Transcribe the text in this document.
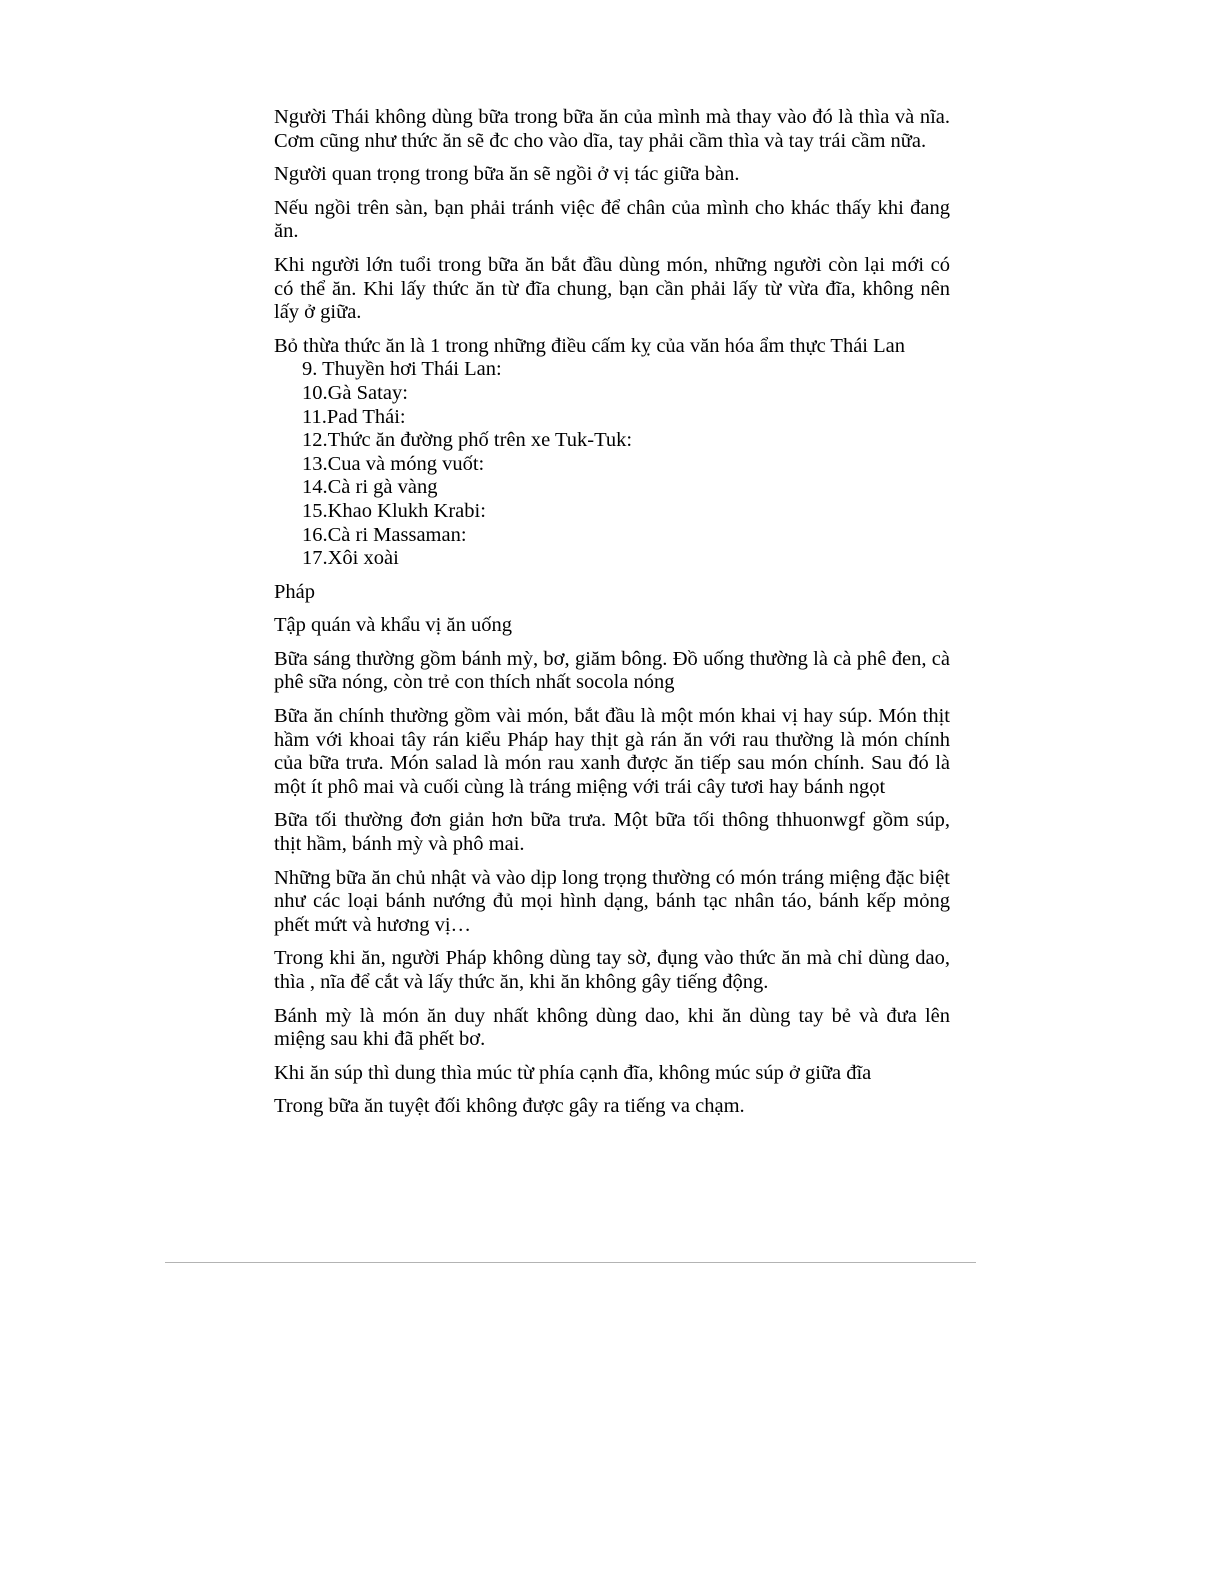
Người Thái không dùng bữa trong bữa ăn của mình mà thay vào đó là thìa và nĩa. Cơm cũng như thức ăn sẽ đc cho vào dĩa, tay phải cầm thìa và tay trái cầm nữa.

Người quan trọng trong bữa ăn sẽ ngồi ở vị tác giữa bàn.

Nếu ngồi trên sàn, bạn phải tránh việc để chân của mình cho khác thấy khi đang ăn.

Khi người lớn tuổi trong bữa ăn bắt đầu dùng món, những người còn lại mới có có thể ăn. Khi lấy thức ăn từ đĩa chung, bạn cần phải lấy từ vừa đĩa, không nên lấy ở giữa.

Bỏ thừa thức ăn là 1 trong những điều cấm kỵ của văn hóa ẩm thực Thái Lan

9. Thuyền hơi Thái Lan:
10.Gà Satay:
11.Pad Thái:
12.Thức ăn đường phố trên xe Tuk-Tuk:
13.Cua và móng vuốt:
14.Cà ri gà vàng
15.Khao Klukh Krabi:
16.Cà ri Massaman:
17.Xôi xoài

Pháp

Tập quán và khẩu vị ăn uống

Bữa sáng thường gồm bánh mỳ, bơ, giăm bông. Đồ uống thường là cà phê đen, cà phê sữa nóng, còn trẻ con thích nhất socola nóng

Bữa ăn chính thường gồm vài món, bắt đầu là một món khai vị hay súp. Món thịt hầm với khoai tây rán kiểu Pháp hay thịt gà rán ăn với rau thường là món chính của bữa trưa. Món salad là món rau xanh được ăn tiếp sau món chính. Sau đó là một ít phô mai và cuối cùng là tráng miệng với trái cây tươi hay bánh ngọt

Bữa tối thường đơn giản hơn bữa trưa. Một bữa tối thông thhuonwgf gồm súp, thịt hầm, bánh mỳ và phô mai.

Những bữa ăn chủ nhật và vào dịp long trọng thường có món tráng miệng đặc biệt như các loại bánh nướng đủ mọi hình dạng, bánh tạc nhân táo, bánh kếp mỏng phết mứt và hương vị…

Trong khi ăn, người Pháp không dùng tay sờ, đụng vào thức ăn mà chỉ dùng dao, thìa , nĩa để cắt và lấy thức ăn, khi ăn không gây tiếng động.

Bánh mỳ là món ăn duy nhất không dùng dao, khi ăn dùng tay bẻ và đưa lên miệng sau khi đã phết bơ.

Khi ăn súp thì dung thìa múc từ phía cạnh đĩa, không múc súp ở giữa đĩa

Trong bữa ăn tuyệt đối không được gây ra tiếng va chạm.
